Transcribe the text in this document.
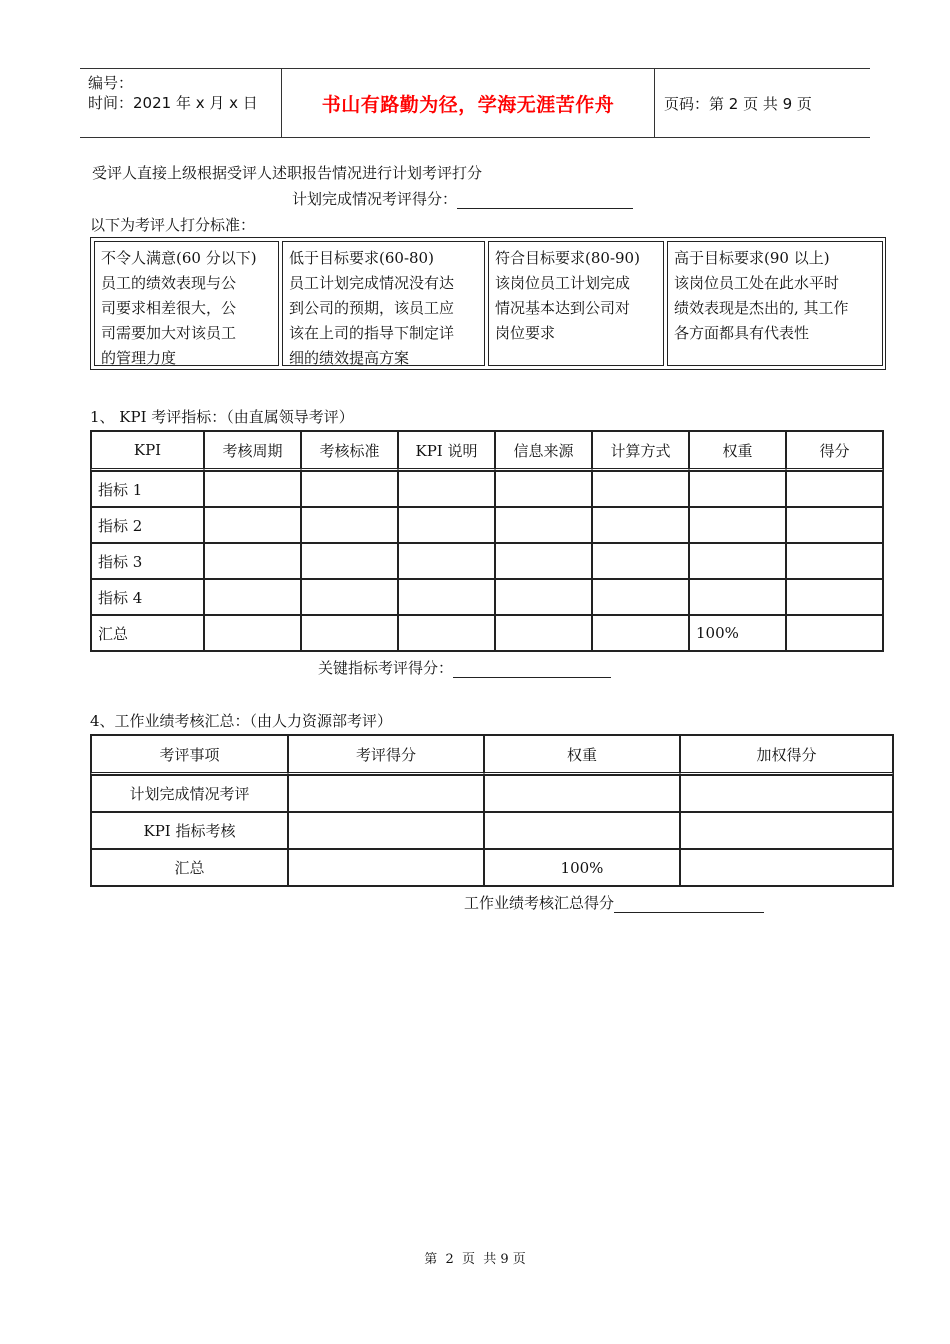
编号：
时间：2021 年 x 月 x 日	书山有路勤为径，学海无涯苦作舟	页码：第 2 页 共 9 页
受评人直接上级根据受评人述职报告情况进行计划考评打分
计划完成情况考评得分：
以下为考评人打分标准：

不令人满意(60 分以下)

员工的绩效表现与公

司要求相差很大，公

司需要加大对该员工

的管理力度

低于目标要求(60-80)

员工计划完成情况没有达

到公司的预期，该员工应

该在上司的指导下制定详

细的绩效提高方案

符合目标要求(80-90)

该岗位员工计划完成

情况基本达到公司对

岗位要求

高于目标要求(90 以上)

该岗位员工处在此水平时

绩效表现是杰出的, 其工作

各方面都具有代表性

1、 KPI 考评指标：（由直属领导考评）
KPI	考核周期	考核标准	KPI 说明	信息来源	计算方式	权重	得分
指标 1							
指标 2							
指标 3							
指标 4							
汇总						100%	
关键指标考评得分：
4、工作业绩考核汇总：（由人力资源部考评）
考评事项	考评得分	权重	加权得分
计划完成情况考评			
KPI 指标考核			
汇总		100%	
工作业绩考核汇总得分
第  2  页  共 9 页
